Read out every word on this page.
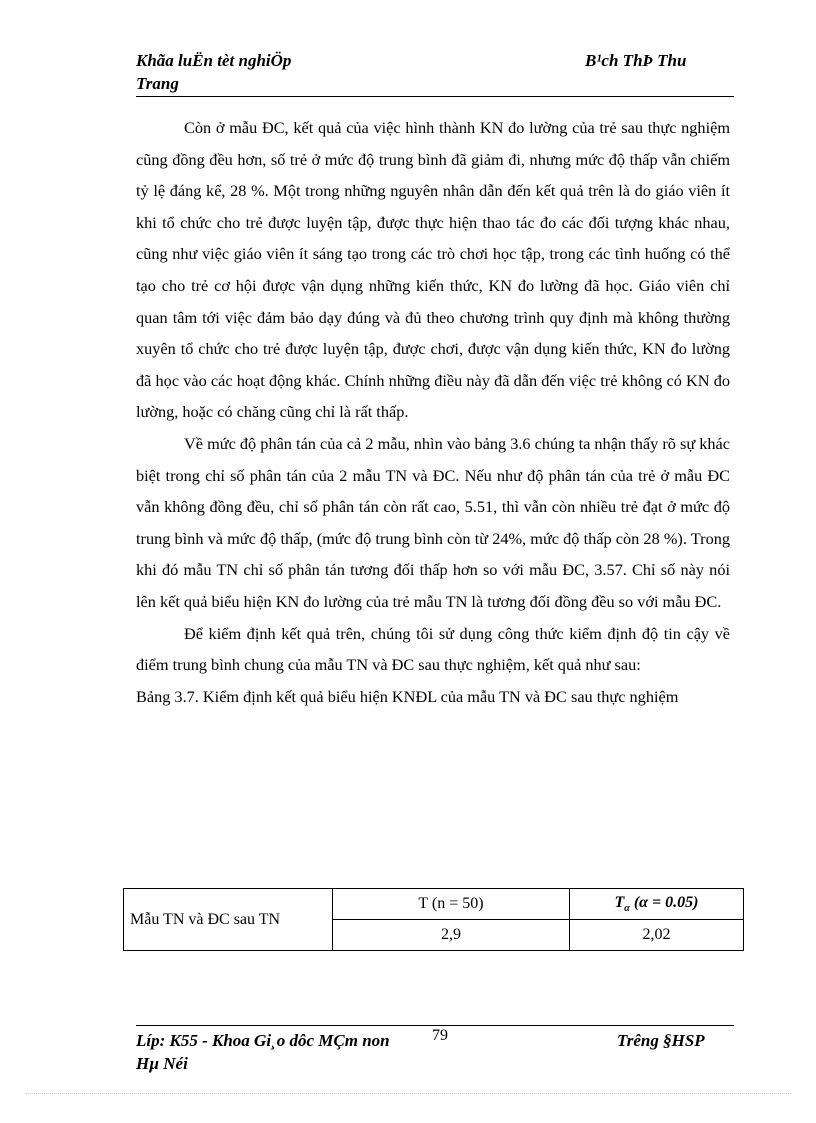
Khãa luËn tèt nghiÖp
Trang
B¹ch ThÞ Thu

Còn ở mẫu ĐC, kết quả của việc hình thành KN đo lường của trẻ sau thực nghiệm cũng đồng đều hơn, số trẻ ở mức độ trung bình đã giảm đi, nhưng mức độ thấp vẫn chiếm tỷ lệ đáng kể, 28 %. Một trong những nguyên nhân dẫn đến kết quả trên là do giáo viên ít khi tổ chức cho trẻ được luyện tập, được thực hiện thao tác đo các đối tượng khác nhau, cũng như việc giáo viên ít sáng tạo trong các trò chơi học tập, trong các tình huống có thể tạo cho trẻ cơ hội được vận dụng những kiến thức, KN đo lường đã học. Giáo viên chỉ quan tâm tới việc đảm bảo dạy đúng và đủ theo chương trình quy định mà không thường xuyên tổ chức cho trẻ được luyện tập, được chơi, được vận dụng kiến thức, KN đo lường đã học vào các hoạt động khác. Chính những điều này đã dẫn đến việc trẻ không có KN đo lường, hoặc có chăng cũng chỉ là rất thấp.

Về mức độ phân tán của cả 2 mẫu, nhìn vào bảng 3.6 chúng ta nhận thấy rõ sự khác biệt trong chỉ số phân tán của 2 mẫu TN và ĐC. Nếu như độ phân tán của trẻ ở mẫu ĐC vẫn không đồng đều, chỉ số phân tán còn rất cao, 5.51, thì vẫn còn nhiều trẻ đạt ở mức độ trung bình và mức độ thấp, (mức độ trung bình còn từ 24%, mức độ thấp còn 28 %). Trong khi đó mẫu TN chỉ số phân tán tương đối thấp hơn so với mẫu ĐC, 3.57. Chỉ số này nói lên kết quả biểu hiện KN đo lường của trẻ mẫu TN là tương đối đồng đều so với mẫu ĐC.

Để kiểm định kết quả trên, chúng tôi sử dụng công thức kiểm định độ tin cậy về điểm trung bình chung của mẫu TN và ĐC sau thực nghiệm, kết quả như sau:

Bảng 3.7. Kiểm định kết quả biểu hiện KNĐL của mẫu TN và ĐC sau thực nghiệm

Mẫu TN và ĐC sau TN	T (n = 50)	$T_\alpha$ (α = 0.05)
	2,9	2,02
Líp: K55 - Khoa Gi¸o dôc MÇm non
Hµ Néi
79	Trêng §HSP
